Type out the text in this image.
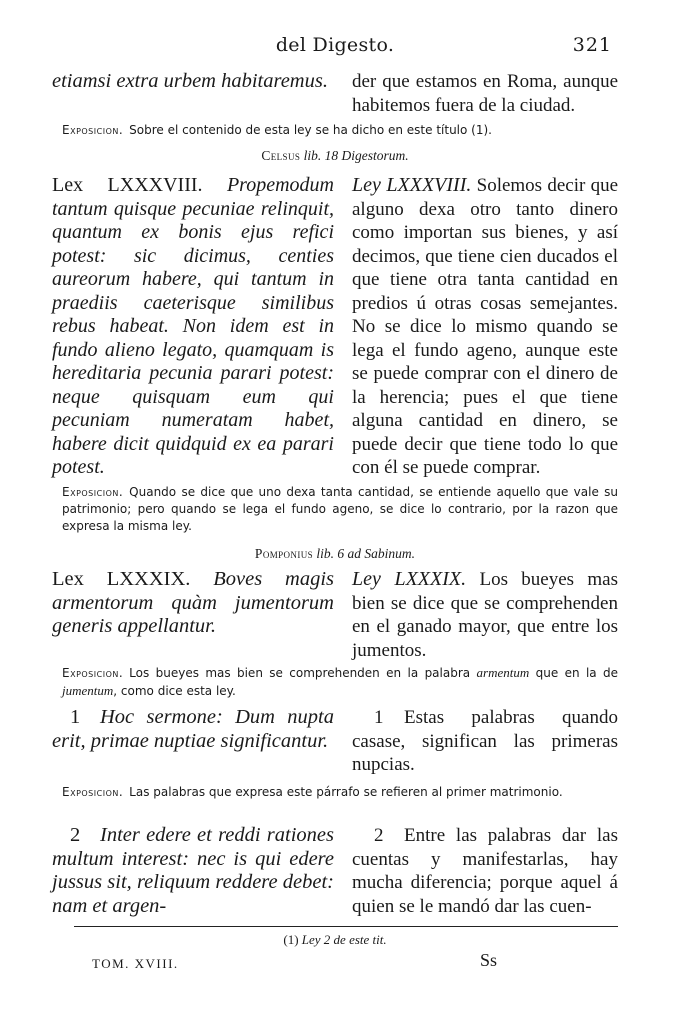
del Digesto.	321
etiamsi extra urbem habitaremus.	der que estamos en Roma, aunque habitemos fuera de la ciudad.
Exposicion. Sobre el contenido de esta ley se ha dicho en este título (1).
Celsus lib. 18 Digestorum.
Lex LXXXVIII. Propemodum tantum quisque pecuniae relinquit, quantum ex bonis ejus refici potest: sic dicimus, centies aureorum habere, qui tantum in praediis caeterisque similibus rebus habeat. Non idem est in fundo alieno legato, quamquam is hereditaria pecunia parari potest: neque quisquam eum qui pecuniam numeratam habet, habere dicit quidquid ex ea parari potest.
Ley LXXXVIII. Solemos decir que alguno dexa otro tanto dinero como importan sus bienes, y así decimos, que tiene cien ducados el que tiene otra tanta cantidad en predios ú otras cosas semejantes. No se dice lo mismo quando se lega el fundo ageno, aunque este se puede comprar con el dinero de la herencia; pues el que tiene alguna cantidad en dinero, se puede decir que tiene todo lo que con él se puede comprar.
Exposicion. Quando se dice que uno dexa tanta cantidad, se entiende aquello que vale su patrimonio; pero quando se lega el fundo ageno, se dice lo contrario, por la razon que expresa la misma ley.
Pomponius lib. 6 ad Sabinum.
Lex LXXXIX. Boves magis armentorum quàm jumentorum generis appellantur.
Ley LXXXIX. Los bueyes mas bien se dice que se comprehenden en el ganado mayor, que entre los jumentos.
Exposicion. Los bueyes mas bien se comprehenden en la palabra armentum que en la de jumentum, como dice esta ley.
1 Hoc sermone: Dum nupta erit, primae nuptiae significantur.
1 Estas palabras quando casase, significan las primeras nupcias.
Exposicion. Las palabras que expresa este párrafo se refieren al primer matrimonio.
2 Inter edere et reddi rationes multum interest: nec is qui edere jussus sit, reliquum reddere debet: nam et argen-
2 Entre las palabras dar las cuentas y manifestarlas, hay mucha diferencia; porque aquel á quien se le mandó dar las cuen-
(1) Ley 2 de este tit.
TOM. XVIII.	Ss
